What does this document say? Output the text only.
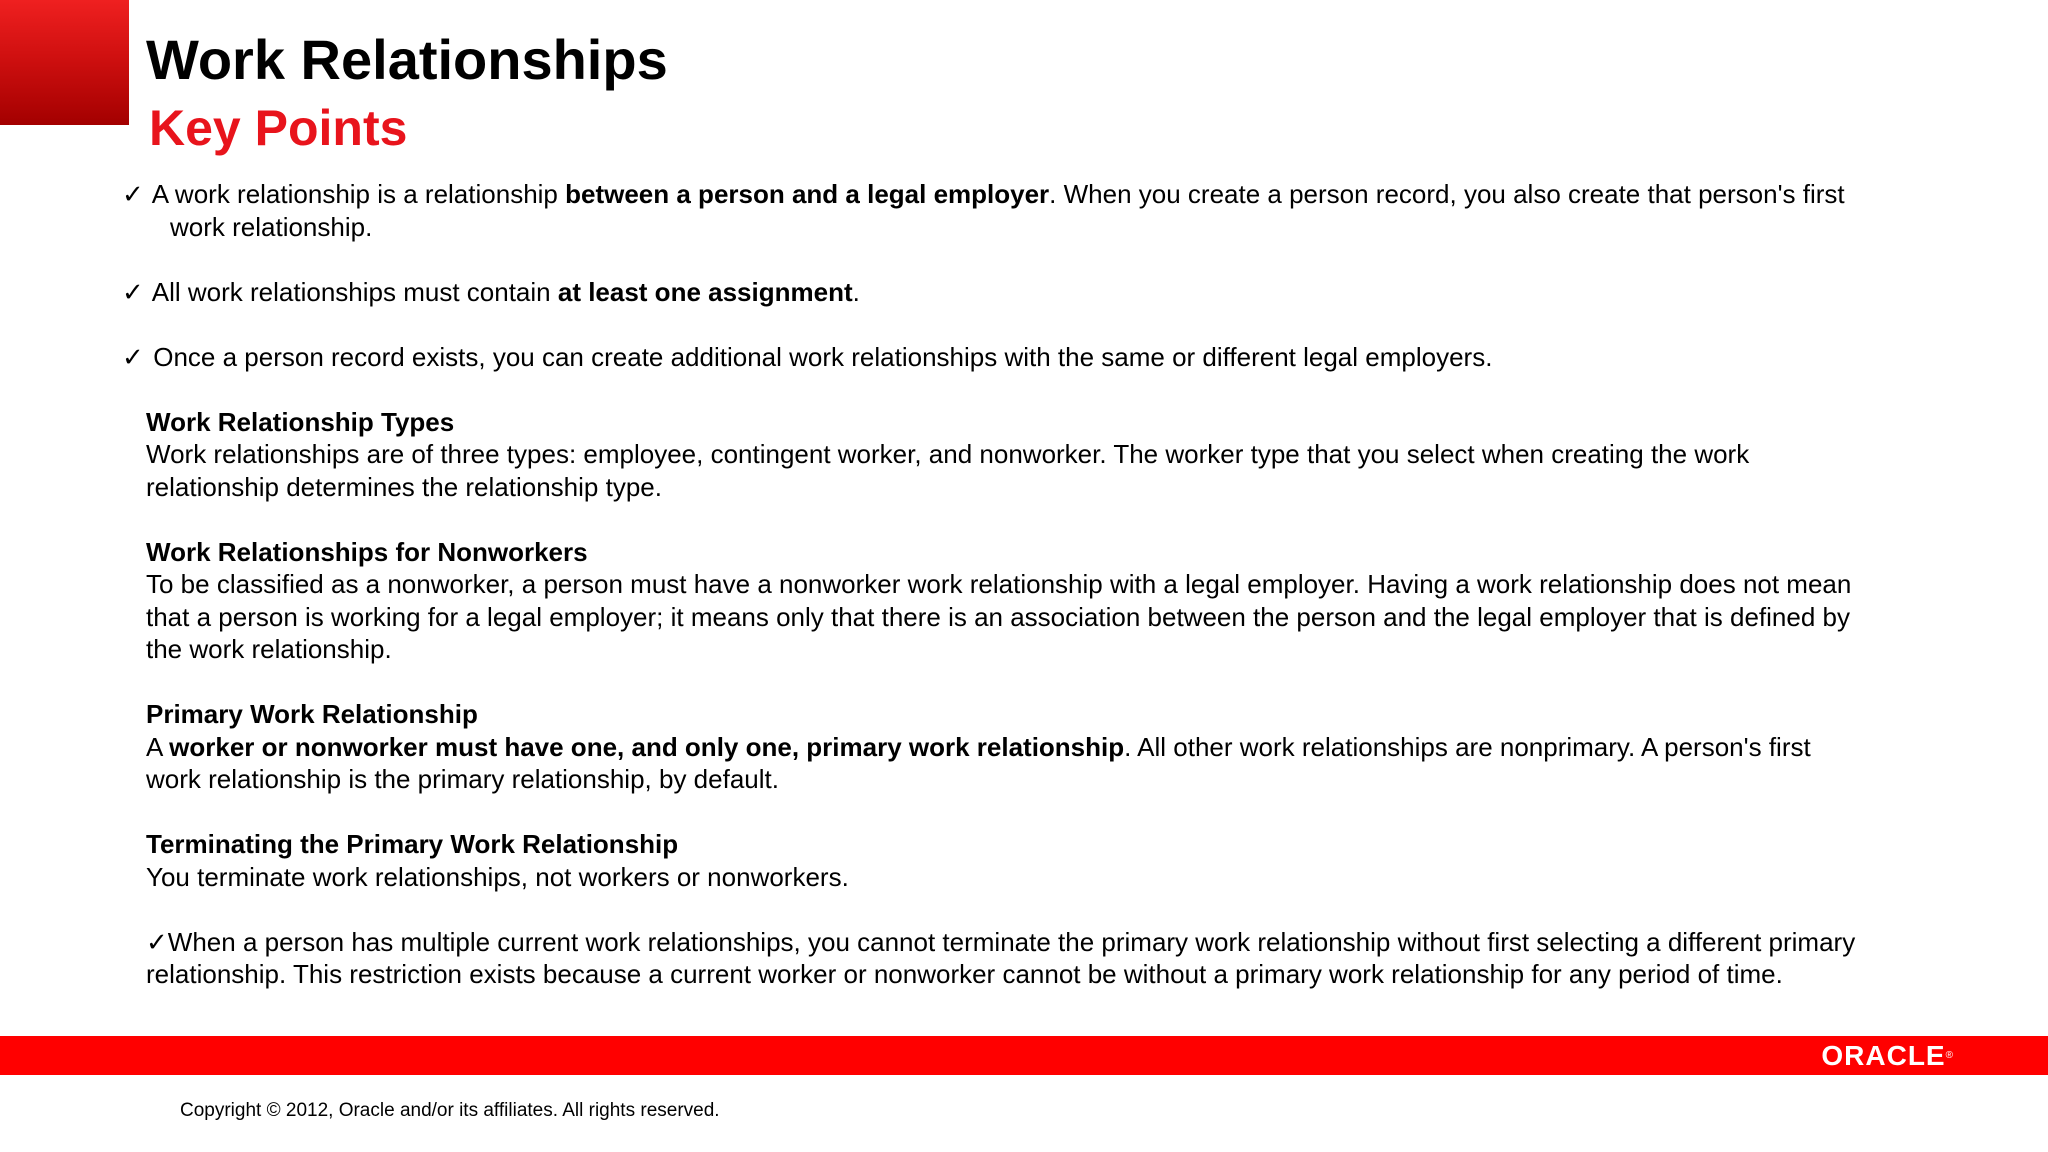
Work Relationships
Key Points

✓ A work relationship is a relationship between a person and a legal employer. When you create a person record, you also create that person's first work relationship.

✓ All work relationships must contain at least one assignment.

✓ Once a person record exists, you can create additional work relationships with the same or different legal employers.

Work Relationship Types

Work relationships are of three types: employee, contingent worker, and nonworker. The worker type that you select when creating the work relationship determines the relationship type.

Work Relationships for Nonworkers

To be classified as a nonworker, a person must have a nonworker work relationship with a legal employer. Having a work relationship does not mean that a person is working for a legal employer; it means only that there is an association between the person and the legal employer that is defined by the work relationship.

Primary Work Relationship

A worker or nonworker must have one, and only one, primary work relationship. All other work relationships are nonprimary. A person's first work relationship is the primary relationship, by default.

Terminating the Primary Work Relationship

You terminate work relationships, not workers or nonworkers.

✓When a person has multiple current work relationships, you cannot terminate the primary work relationship without first selecting a different primary relationship. This restriction exists because a current worker or nonworker cannot be without a primary work relationship for any period of time.

ORACLE®
Copyright © 2012, Oracle and/or its affiliates. All rights reserved.
